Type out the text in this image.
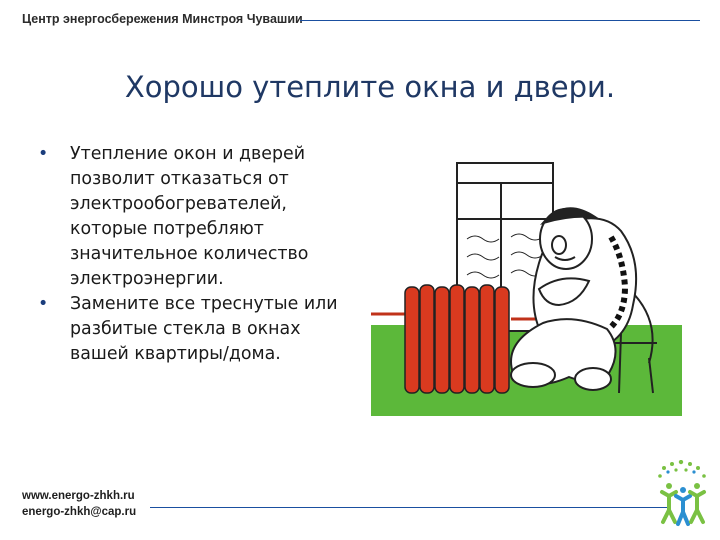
Центр энергосбережения Минстроя Чувашии
Хорошо утеплите окна и двери.
• Утепление окон и дверей позволит отказаться от электрообогревателей, которые потребляют значительное количество электроэнергии.
• Замените все треснутые или разбитые стекла в окнах вашей квартиры/дома.
www.energo-zhkh.ru
energo-zhkh@cap.ru
